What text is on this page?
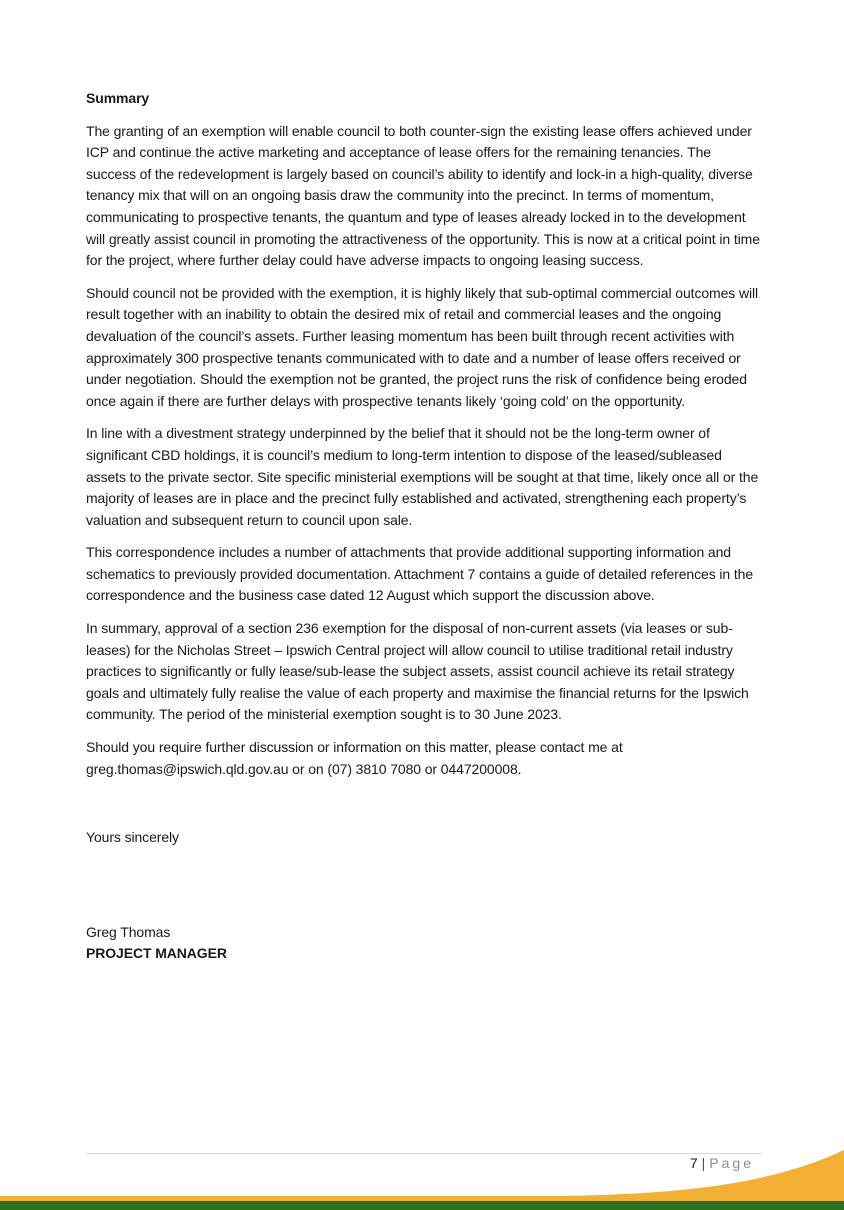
Summary

The granting of an exemption will enable council to both counter-sign the existing lease offers achieved under ICP and continue the active marketing and acceptance of lease offers for the remaining tenancies. The success of the redevelopment is largely based on council’s ability to identify and lock-in a high-quality, diverse tenancy mix that will on an ongoing basis draw the community into the precinct. In terms of momentum, communicating to prospective tenants, the quantum and type of leases already locked in to the development will greatly assist council in promoting the attractiveness of the opportunity. This is now at a critical point in time for the project, where further delay could have adverse impacts to ongoing leasing success.

Should council not be provided with the exemption, it is highly likely that sub-optimal commercial outcomes will result together with an inability to obtain the desired mix of retail and commercial leases and the ongoing devaluation of the council’s assets. Further leasing momentum has been built through recent activities with approximately 300 prospective tenants communicated with to date and a number of lease offers received or under negotiation. Should the exemption not be granted, the project runs the risk of confidence being eroded once again if there are further delays with prospective tenants likely ‘going cold’ on the opportunity.

In line with a divestment strategy underpinned by the belief that it should not be the long-term owner of significant CBD holdings, it is council’s medium to long-term intention to dispose of the leased/subleased assets to the private sector. Site specific ministerial exemptions will be sought at that time, likely once all or the majority of leases are in place and the precinct fully established and activated, strengthening each property’s valuation and subsequent return to council upon sale.

This correspondence includes a number of attachments that provide additional supporting information and schematics to previously provided documentation. Attachment 7 contains a guide of detailed references in the correspondence and the business case dated 12 August which support the discussion above.

In summary, approval of a section 236 exemption for the disposal of non-current assets (via leases or sub-leases) for the Nicholas Street – Ipswich Central project will allow council to utilise traditional retail industry practices to significantly or fully lease/sub-lease the subject assets, assist council achieve its retail strategy goals and ultimately fully realise the value of each property and maximise the financial returns for the Ipswich community. The period of the ministerial exemption sought is to 30 June 2023.

Should you require further discussion or information on this matter, please contact me at greg.thomas@ipswich.qld.gov.au or on (07) 3810 7080 or 0447200008.

Yours sincerely
Greg Thomas
PROJECT MANAGER
7 | Page
